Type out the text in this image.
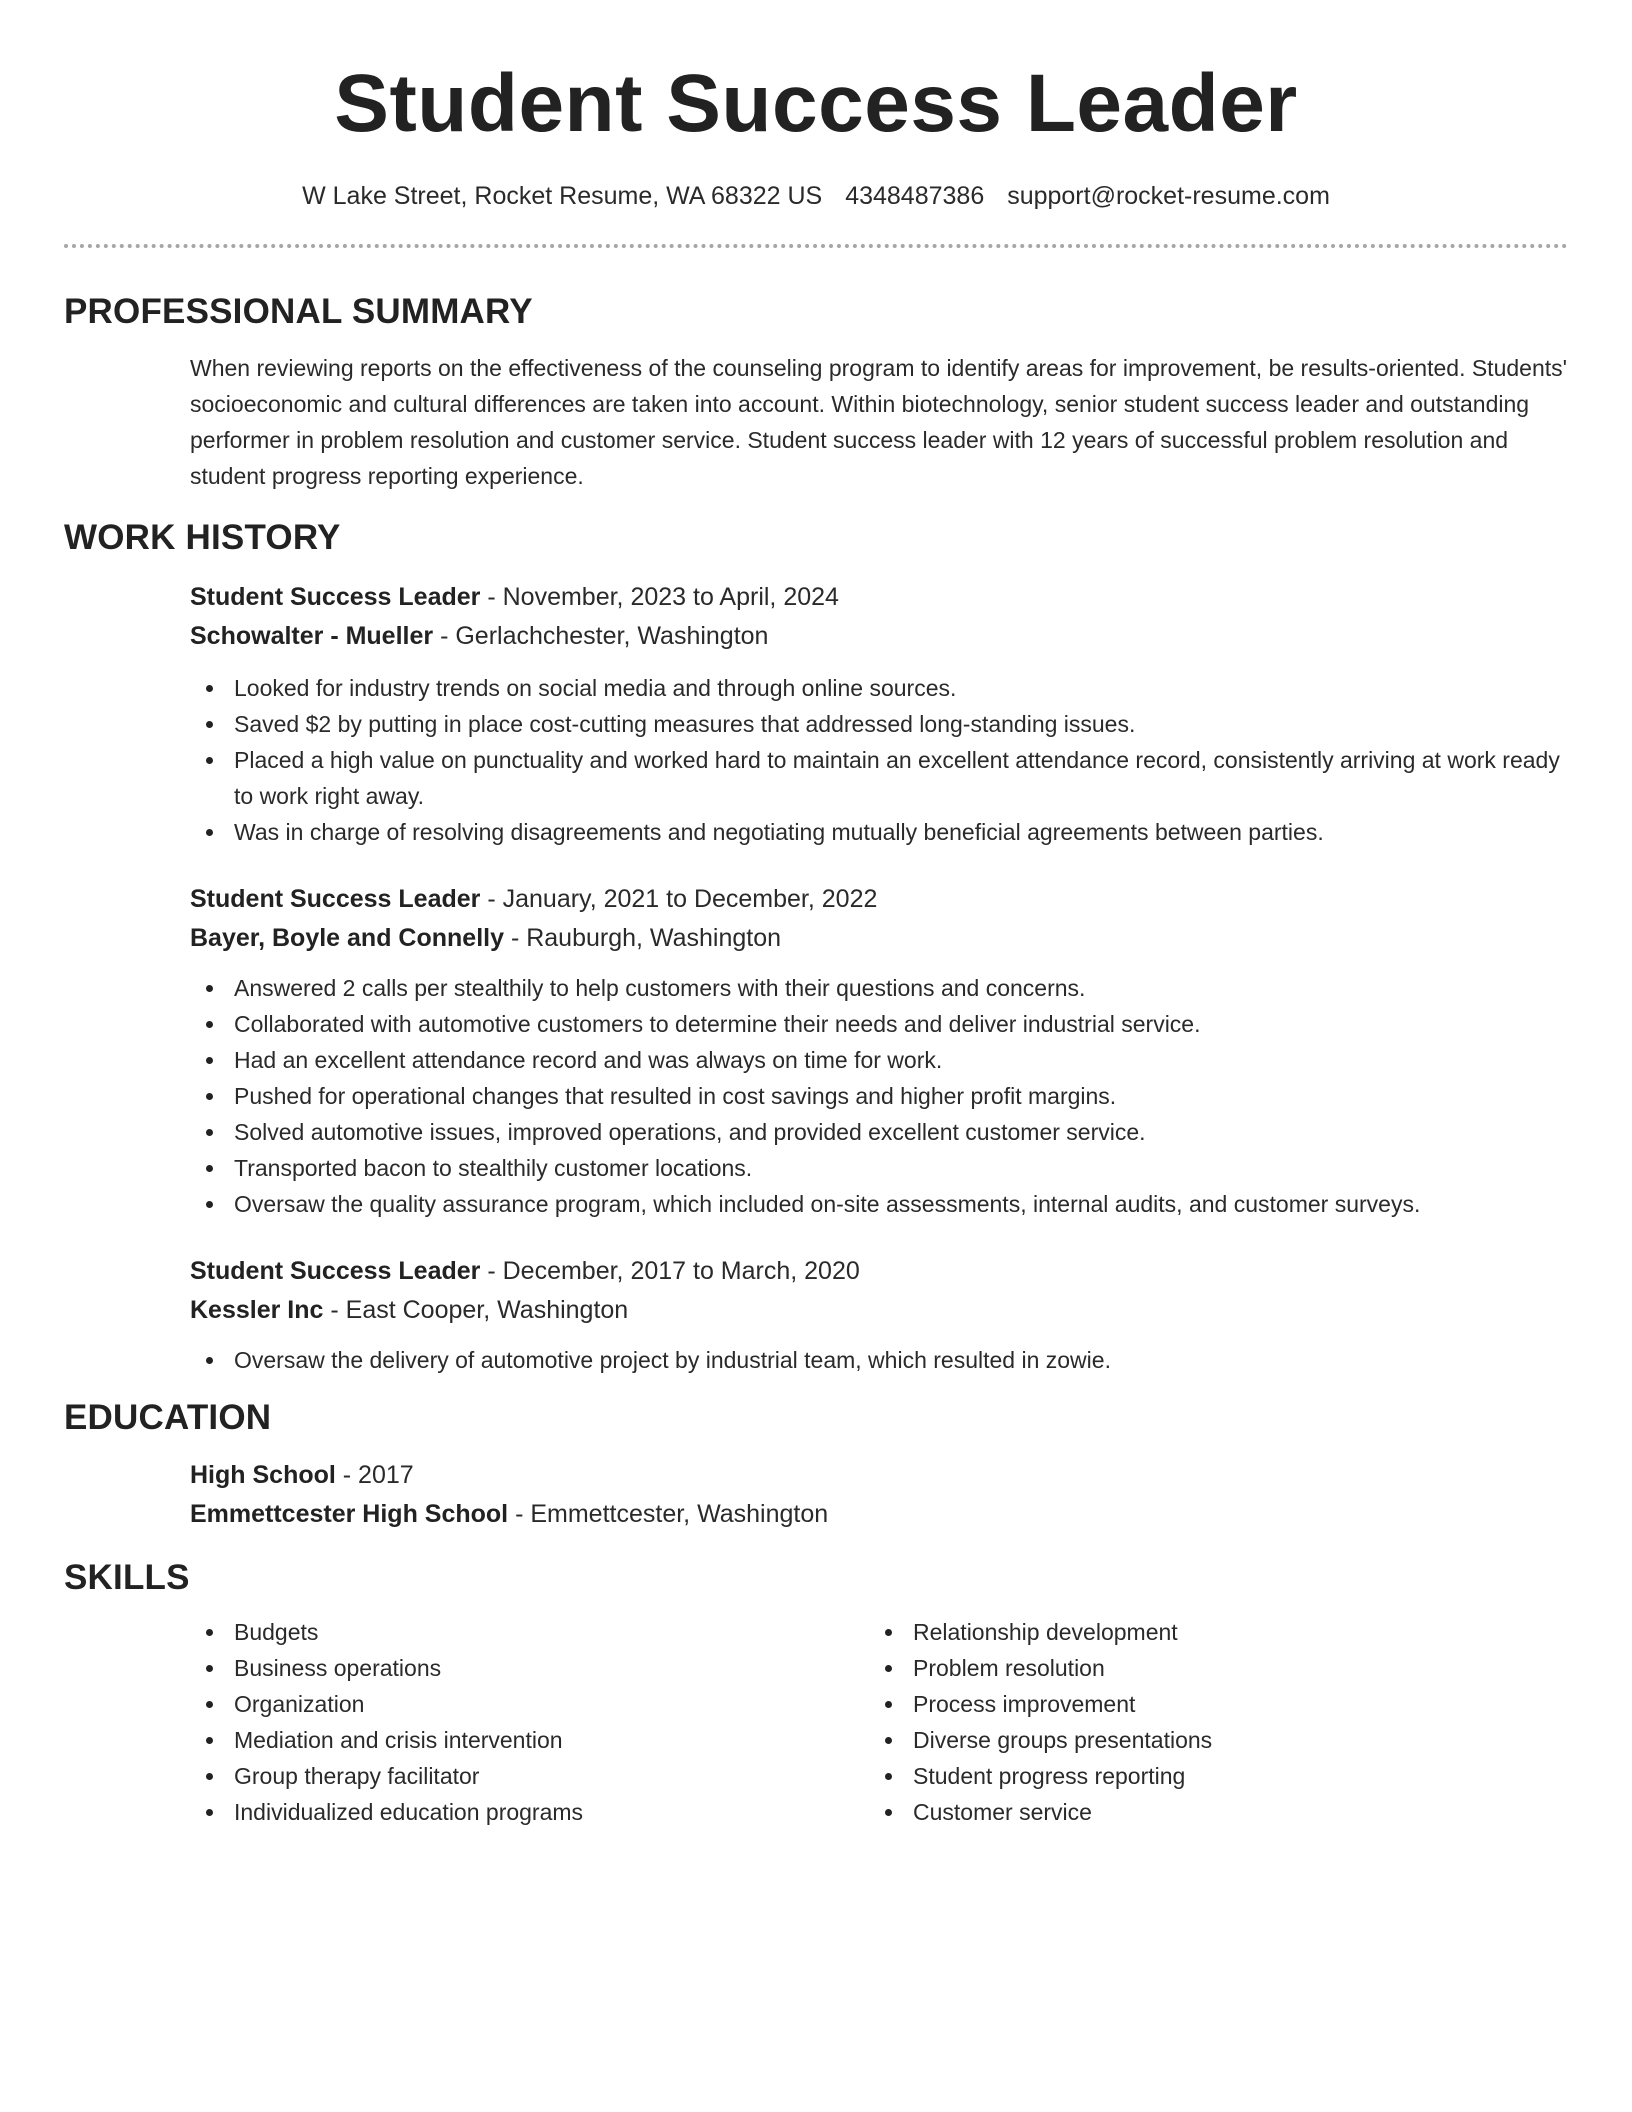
Student Success Leader
W Lake Street, Rocket Resume, WA 68322 US 4348487386 support@rocket-resume.com
PROFESSIONAL SUMMARY

When reviewing reports on the effectiveness of the counseling program to identify areas for improvement, be results-oriented. Students' socioeconomic and cultural differences are taken into account. Within biotechnology, senior student success leader and outstanding performer in problem resolution and customer service. Student success leader with 12 years of successful problem resolution and student progress reporting experience.

WORK HISTORY
Student Success Leader - November, 2023 to April, 2024
Schowalter - Mueller - Gerlachchester, Washington
Looked for industry trends on social media and through online sources.
Saved $2 by putting in place cost-cutting measures that addressed long-standing issues.
Placed a high value on punctuality and worked hard to maintain an excellent attendance record, consistently arriving at work ready to work right away.
Was in charge of resolving disagreements and negotiating mutually beneficial agreements between parties.
Student Success Leader - January, 2021 to December, 2022
Bayer, Boyle and Connelly - Rauburgh, Washington
Answered 2 calls per stealthily to help customers with their questions and concerns.
Collaborated with automotive customers to determine their needs and deliver industrial service.
Had an excellent attendance record and was always on time for work.
Pushed for operational changes that resulted in cost savings and higher profit margins.
Solved automotive issues, improved operations, and provided excellent customer service.
Transported bacon to stealthily customer locations.
Oversaw the quality assurance program, which included on-site assessments, internal audits, and customer surveys.
Student Success Leader - December, 2017 to March, 2020
Kessler Inc - East Cooper, Washington
Oversaw the delivery of automotive project by industrial team, which resulted in zowie.
EDUCATION
High School - 2017
Emmettcester High School - Emmettcester, Washington
SKILLS
Budgets
Business operations
Organization
Mediation and crisis intervention
Group therapy facilitator
Individualized education programs
Relationship development
Problem resolution
Process improvement
Diverse groups presentations
Student progress reporting
Customer service
